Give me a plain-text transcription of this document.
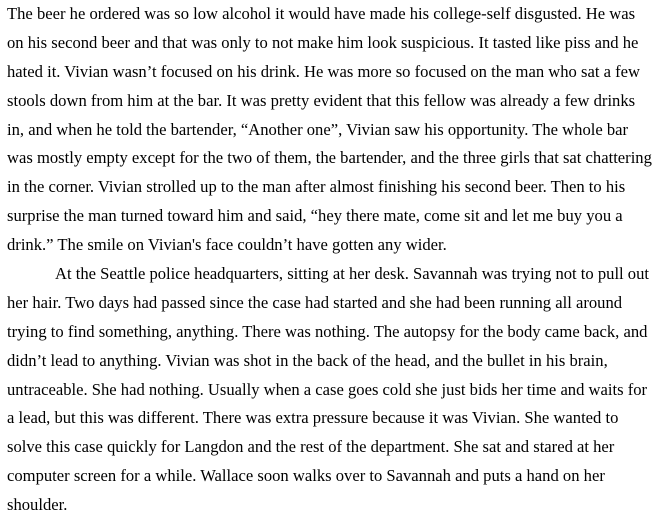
The beer he ordered was so low alcohol it would have made his college-self disgusted. He was
on his second beer and that was only to not make him look suspicious. It tasted like piss and he
hated it. Vivian wasn’t focused on his drink. He was more so focused on the man who sat a few
stools down from him at the bar. It was pretty evident that this fellow was already a few drinks
in, and when he told the bartender, “Another one”, Vivian saw his opportunity. The whole bar
was mostly empty except for the two of them, the bartender, and the three girls that sat chattering
in the corner. Vivian strolled up to the man after almost finishing his second beer. Then to his
surprise the man turned toward him and said, “hey there mate, come sit and let me buy you a
drink.” The smile on Vivian's face couldn’t have gotten any wider.
At the Seattle police headquarters, sitting at her desk. Savannah was trying not to pull out
her hair. Two days had passed since the case had started and she had been running all around
trying to find something, anything. There was nothing. The autopsy for the body came back, and
didn’t lead to anything. Vivian was shot in the back of the head, and the bullet in his brain,
untraceable. She had nothing. Usually when a case goes cold she just bids her time and waits for
a lead, but this was different. There was extra pressure because it was Vivian. She wanted to
solve this case quickly for Langdon and the rest of the department. She sat and stared at her
computer screen for a while. Wallace soon walks over to Savannah and puts a hand on her
shoulder.
